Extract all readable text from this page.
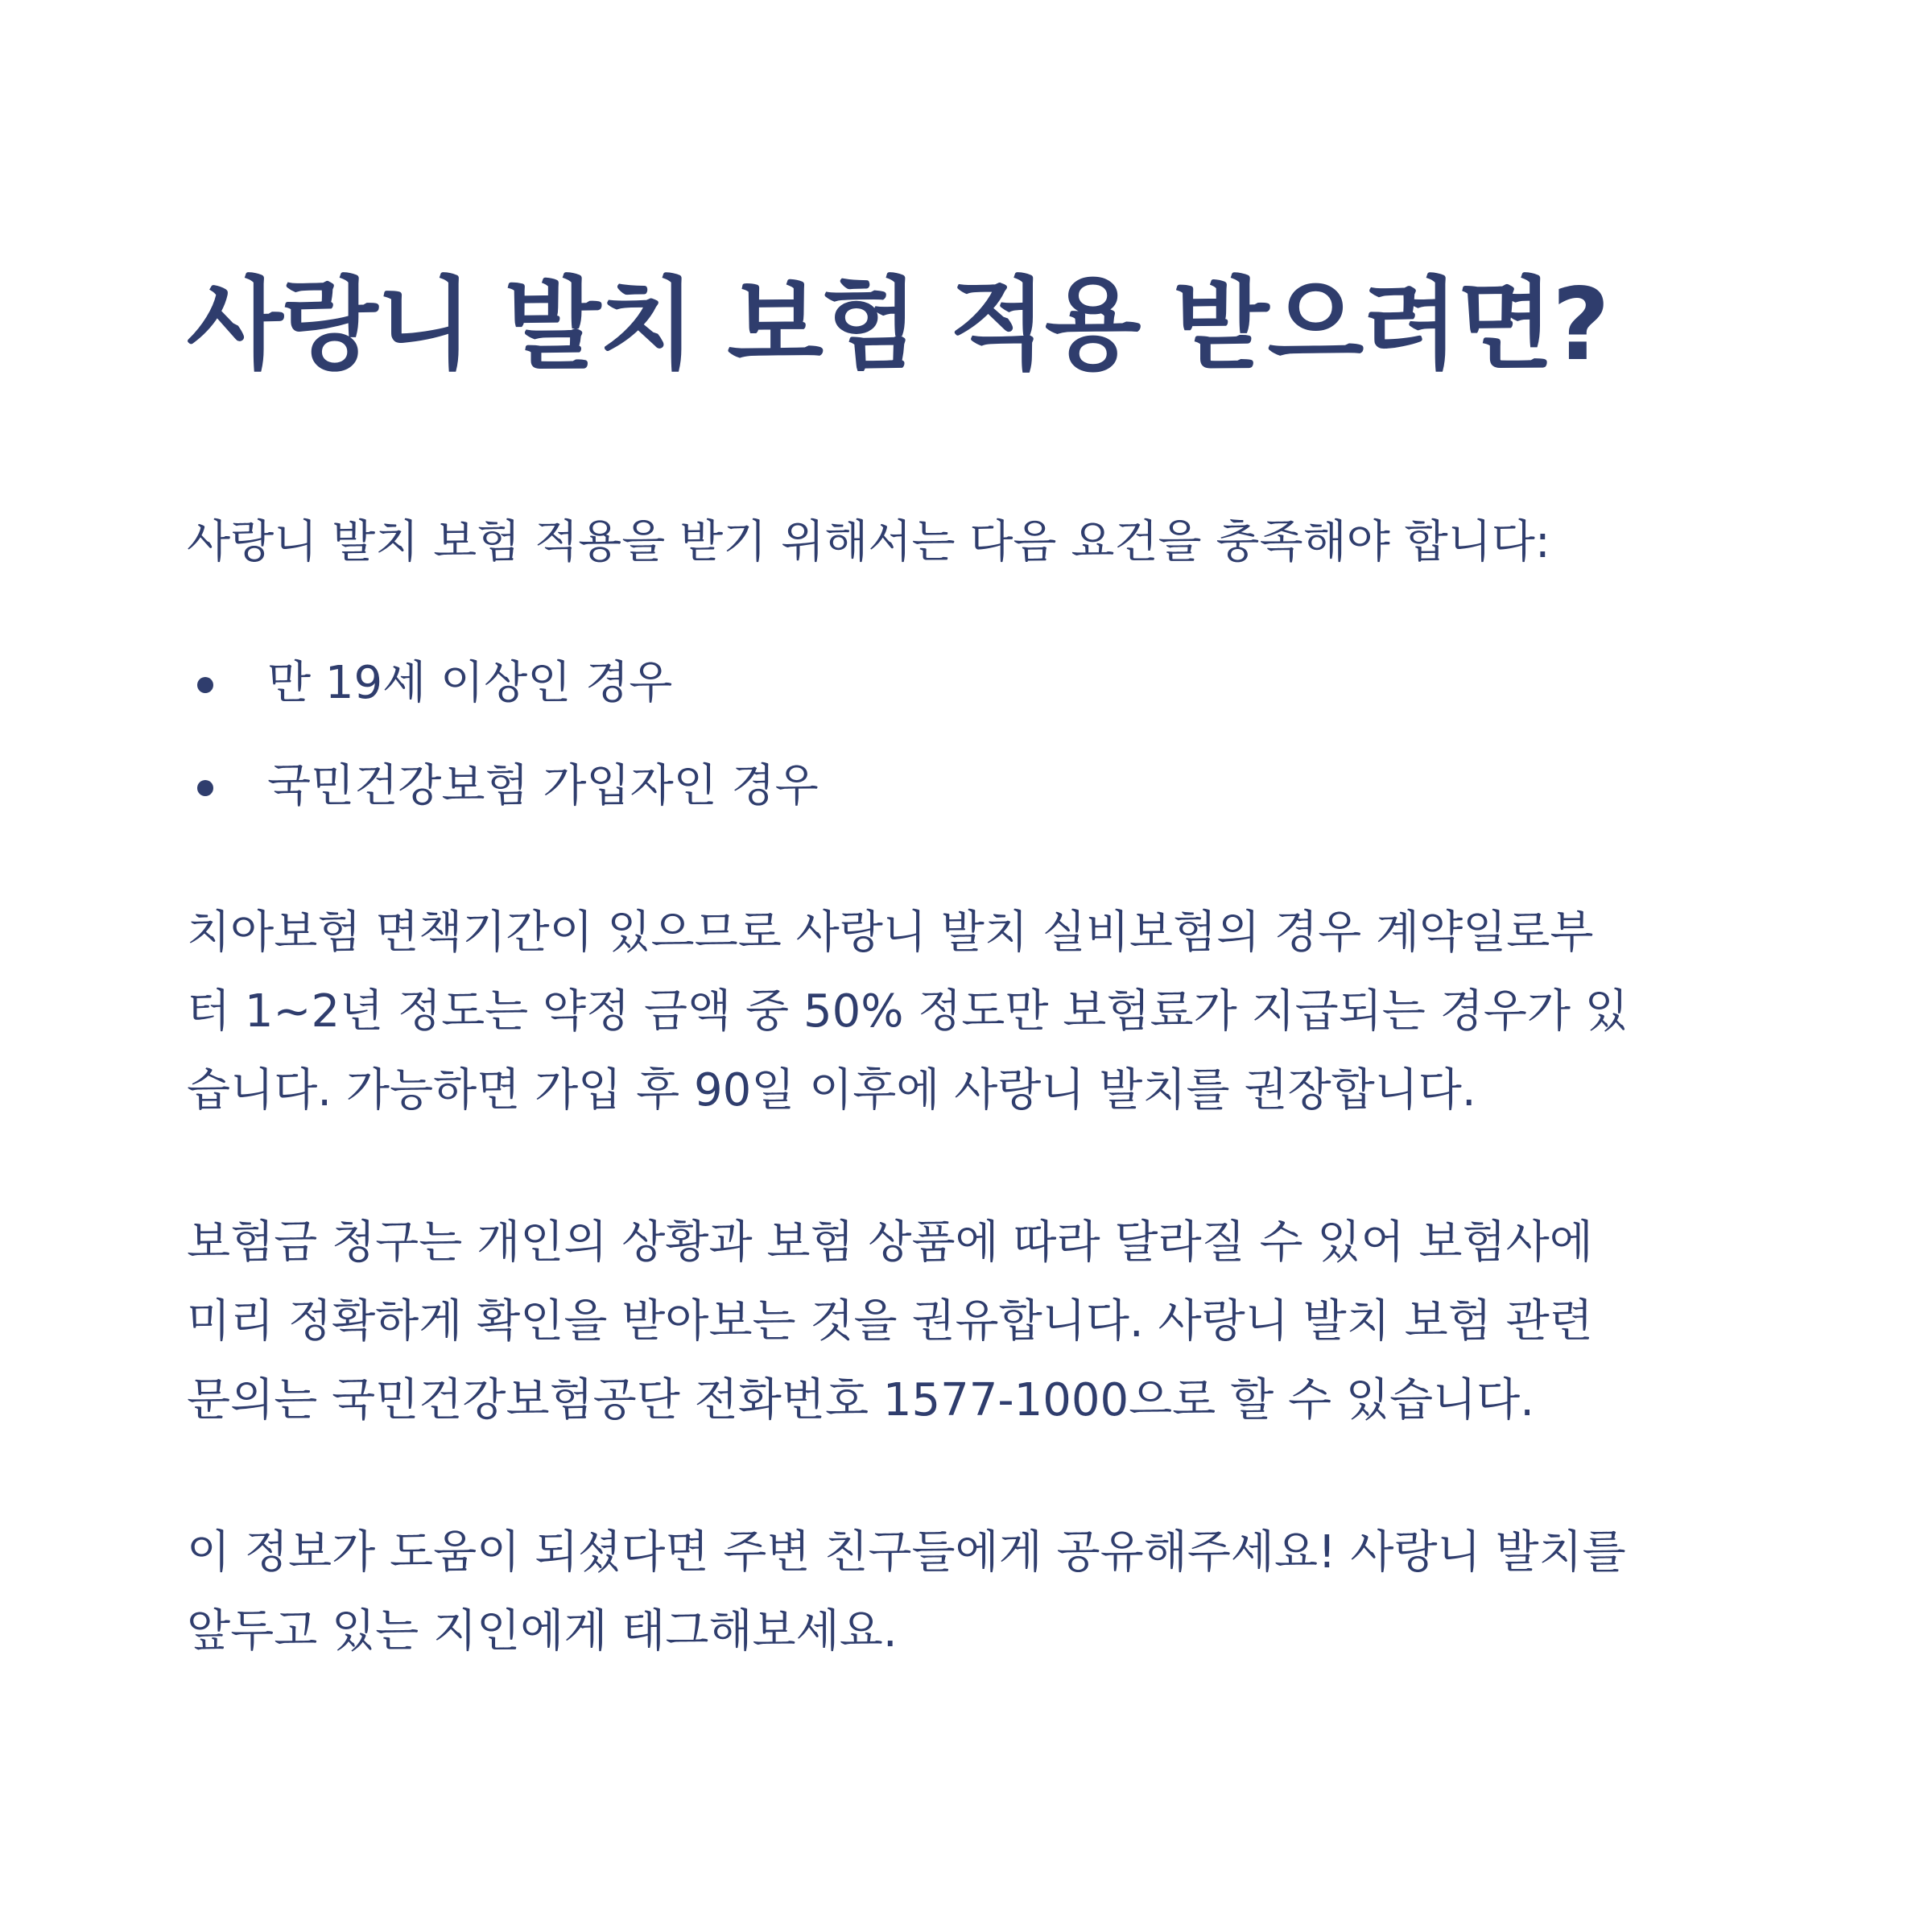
사랑니 발치 보험 적용 받으려면?

사랑니 발치 보험 적용을 받기 위해서는 다음 요건을 충족해야 합니다:

만 19세 이상인 경우
국민건강보험 가입자인 경우

치아보험 면책기간이 있으므로 사랑니 발치 실비보험의 경우 계약일로부
터 1~2년 정도는 약정 금액 중 50% 정도만 보험료가 지급되는 경우가 있
습니다. 가능하면 가입 후 90일 이후에 사랑니 발치를 권장합니다.

보험금 청구는 개인의 상황과 보험 상품에 따라 달라질 수 있어 보험사에
미리 정확하게 확인을 받아보는 것을 권유합니다. 사랑니 발치 보험 관련
문의는 국민건강보험공단 전화번호 1577-1000으로 할 수 있습니다.

이 정보가 도움이 되셨다면 주변 친구들에게 공유해주세요! 사랑니 발치를
앞두고 있는 지인에게 태그해보세요.
